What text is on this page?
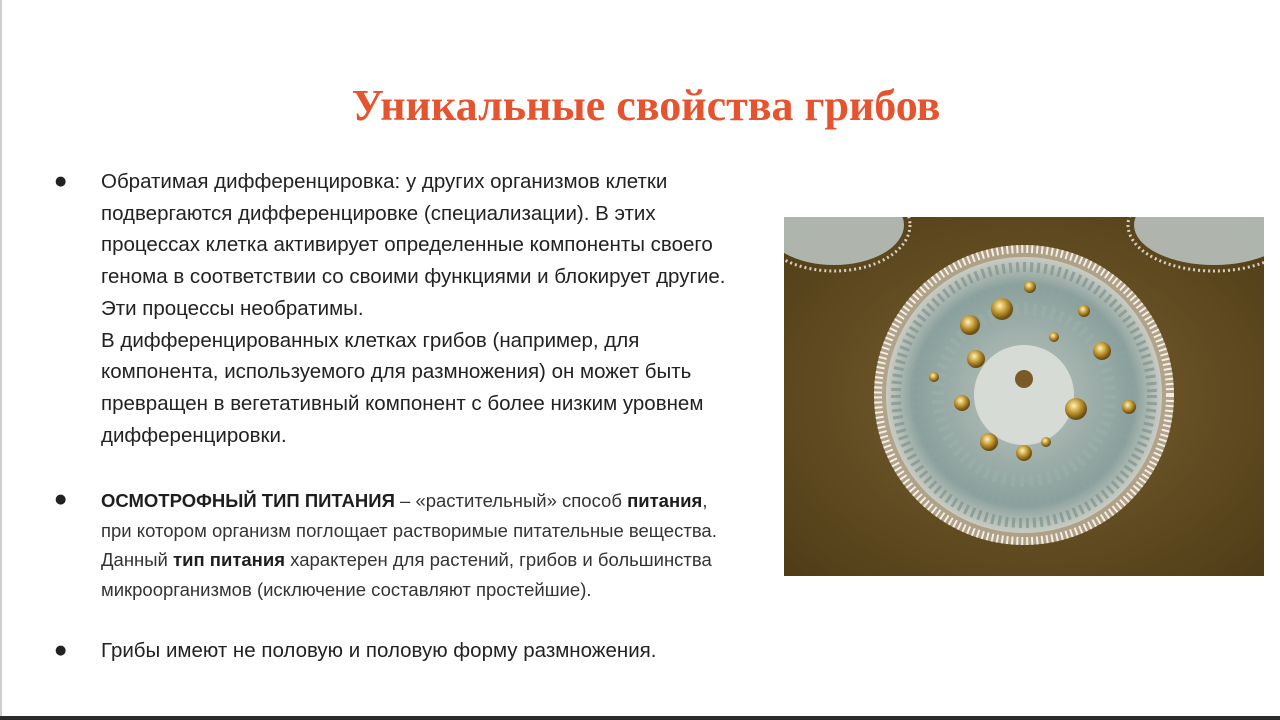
Уникальные свойства грибов
● Обратимая дифференцировка: у других организмов клетки подвергаются дифференцировке (специализации). В этих процессах клетка активирует определенные компоненты своего генома в соответствии со своими функциями и блокирует другие. Эти процессы необратимы.

В дифференцированных клетках грибов (например, для компонента, используемого для размножения) он может быть превращен в вегетативный компонент с более низким уровнем дифференцировки.

● ОСМОТРОФНЫЙ ТИП ПИТАНИЯ – «растительный» способ питания, при котором организм поглощает растворимые питательные вещества. Данный тип питания характерен для растений, грибов и большинства микроорганизмов (исключение составляют простейшие).

● Грибы имеют не половую и половую форму размножения.
